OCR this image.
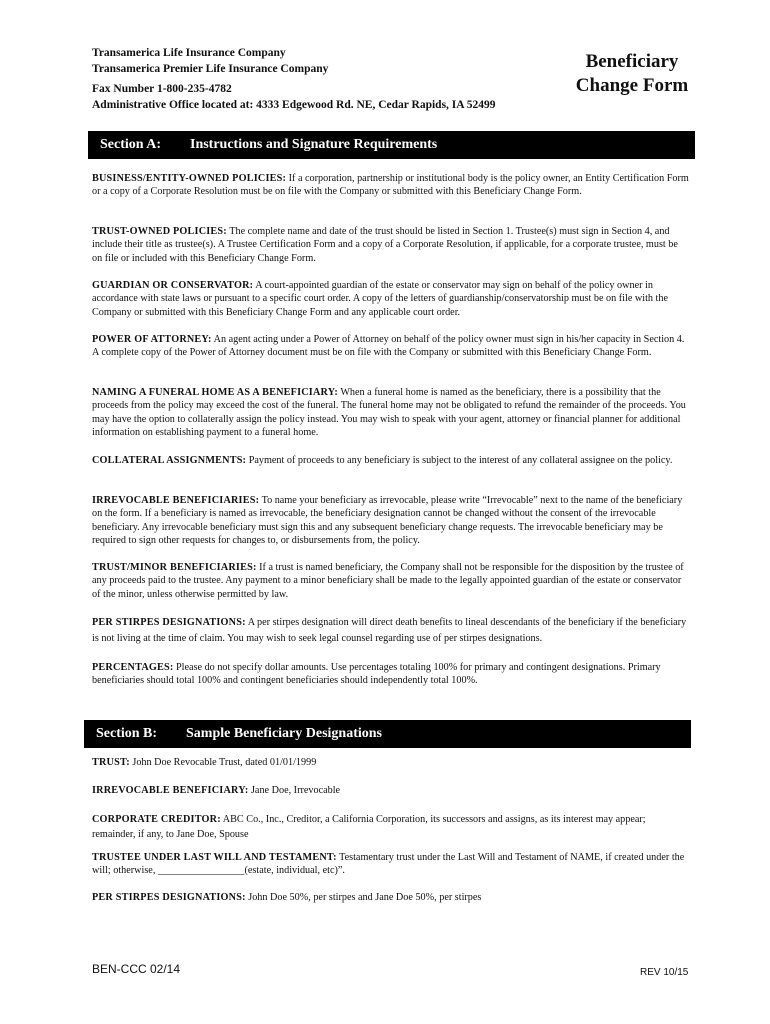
Transamerica Life Insurance Company
Transamerica Premier Life Insurance Company
Fax Number 1-800-235-4782
Administrative Office located at: 4333 Edgewood Rd. NE, Cedar Rapids, IA 52499
Beneficiary
Change Form
Section A: Instructions and Signature Requirements
BUSINESS/ENTITY-OWNED POLICIES: If a corporation, partnership or institutional body is the policy owner, an Entity Certification Form or a copy of a Corporate Resolution must be on file with the Company or submitted with this Beneficiary Change Form.
TRUST-OWNED POLICIES: The complete name and date of the trust should be listed in Section 1. Trustee(s) must sign in Section 4, and include their title as trustee(s). A Trustee Certification Form and a copy of a Corporate Resolution, if applicable, for a corporate trustee, must be on file or included with this Beneficiary Change Form.
GUARDIAN OR CONSERVATOR: A court-appointed guardian of the estate or conservator may sign on behalf of the policy owner in accordance with state laws or pursuant to a specific court order. A copy of the letters of guardianship/conservatorship must be on file with the Company or submitted with this Beneficiary Change Form and any applicable court order.
POWER OF ATTORNEY: An agent acting under a Power of Attorney on behalf of the policy owner must sign in his/her capacity in Section 4. A complete copy of the Power of Attorney document must be on file with the Company or submitted with this Beneficiary Change Form.
NAMING A FUNERAL HOME AS A BENEFICIARY: When a funeral home is named as the beneficiary, there is a possibility that the proceeds from the policy may exceed the cost of the funeral. The funeral home may not be obligated to refund the remainder of the proceeds. You may have the option to collaterally assign the policy instead. You may wish to speak with your agent, attorney or financial planner for additional information on establishing payment to a funeral home.
COLLATERAL ASSIGNMENTS: Payment of proceeds to any beneficiary is subject to the interest of any collateral assignee on the policy.
IRREVOCABLE BENEFICIARIES: To name your beneficiary as irrevocable, please write “Irrevocable” next to the name of the beneficiary on the form. If a beneficiary is named as irrevocable, the beneficiary designation cannot be changed without the consent of the irrevocable beneficiary. Any irrevocable beneficiary must sign this and any subsequent beneficiary change requests. The irrevocable beneficiary may be required to sign other requests for changes to, or disbursements from, the policy.
TRUST/MINOR BENEFICIARIES: If a trust is named beneficiary, the Company shall not be responsible for the disposition by the trustee of any proceeds paid to the trustee. Any payment to a minor beneficiary shall be made to the legally appointed guardian of the estate or conservator of the minor, unless otherwise permitted by law.
PER STIRPES DESIGNATIONS: A per stirpes designation will direct death benefits to lineal descendants of the beneficiary if the beneficiary is not living at the time of claim. You may wish to seek legal counsel regarding use of per stirpes designations.
PERCENTAGES: Please do not specify dollar amounts. Use percentages totaling 100% for primary and contingent designations. Primary beneficiaries should total 100% and contingent beneficiaries should independently total 100%.
Section B: Sample Beneficiary Designations
TRUST: John Doe Revocable Trust, dated 01/01/1999
IRREVOCABLE BENEFICIARY: Jane Doe, Irrevocable
CORPORATE CREDITOR: ABC Co., Inc., Creditor, a California Corporation, its successors and assigns, as its interest may appear; remainder, if any, to Jane Doe, Spouse
TRUSTEE UNDER LAST WILL AND TESTAMENT: Testamentary trust under the Last Will and Testament of NAME, if created under the will; otherwise, _________________(estate, individual, etc)”.
PER STIRPES DESIGNATIONS: John Doe 50%, per stirpes and Jane Doe 50%, per stirpes
BEN-CCC 02/14	REV 10/15
